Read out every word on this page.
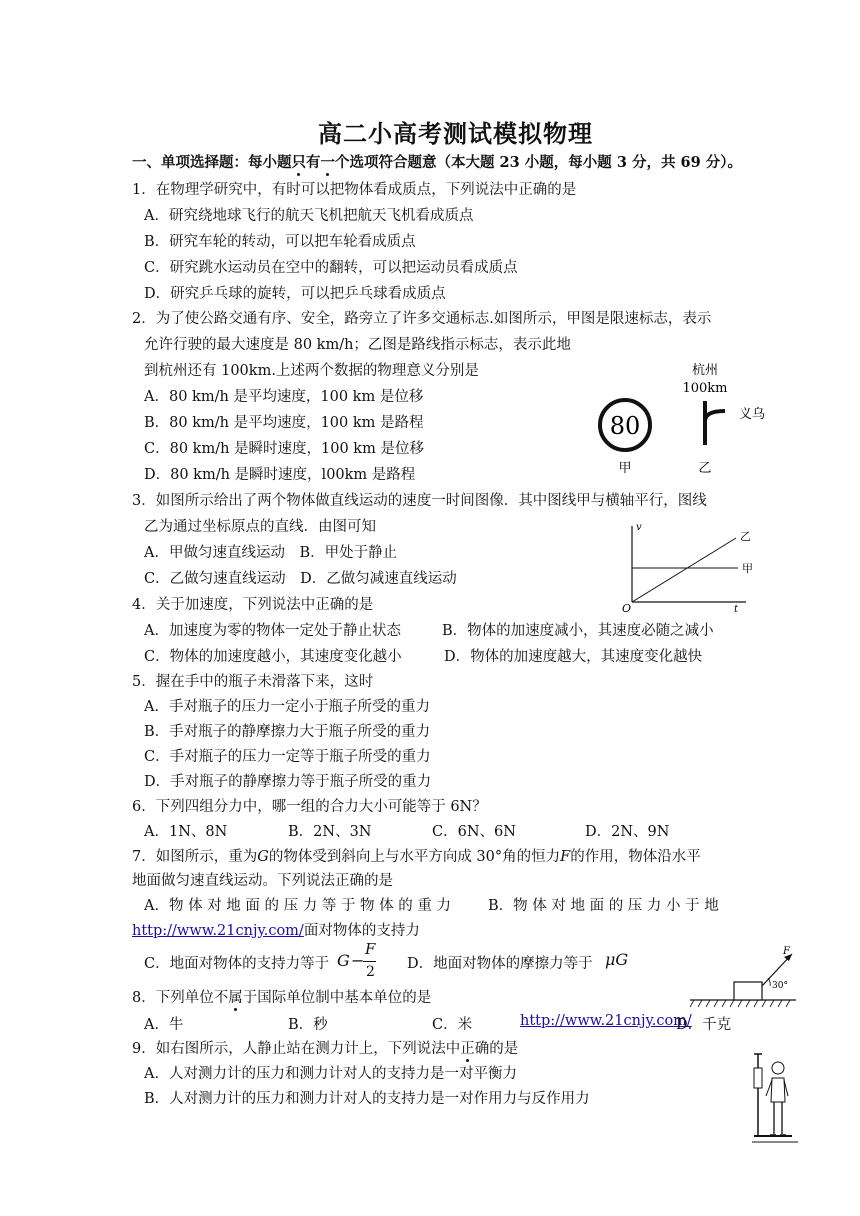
高二小高考测试模拟物理
一、单项选择题：每小题只有一个选项符合题意（本大题 23 小题，每小题 3 分，共 69 分）。
1．在物理学研究中，有时可以把物体看成质点，下列说法中正确的是
A．研究绕地球飞行的航天飞机把航天飞机看成质点
B．研究车轮的转动，可以把车轮看成质点
C．研究跳水运动员在空中的翻转，可以把运动员看成质点
D．研究乒乓球的旋转，可以把乒乓球看成质点
2．为了使公路交通有序、安全，路旁立了许多交通标志.如图所示，甲图是限速标志，表示
允许行驶的最大速度是 80 km/h；乙图是路线指示标志，表示此地
到杭州还有 100km.上述两个数据的物理意义分别是
A．80 km/h 是平均速度，100 km 是位移
B．80 km/h 是平均速度，100 km 是路程
C．80 km/h 是瞬时速度，100 km 是位移
D．80 km/h 是瞬时速度，l00km 是路程
80
甲
杭州
100km
义乌
乙
3．如图所示给出了两个物体做直线运动的速度一时间图像．其中图线甲与横轴平行，图线
乙为通过坐标原点的直线．由图可知
A．甲做匀速直线运动　B．甲处于静止
C．乙做匀速直线运动　D．乙做匀减速直线运动
v
t
O
甲
乙
4．关于加速度，下列说法中正确的是
A．加速度为零的物体一定处于静止状态	B．物体的加速度减小，其速度必随之减小
C．物体的加速度越小，其速度变化越小	D．物体的加速度越大，其速度变化越快
5．握在手中的瓶子未滑落下来，这时
A．手对瓶子的压力一定小于瓶子所受的重力
B．手对瓶子的静摩擦力大于瓶子所受的重力
C．手对瓶子的压力一定等于瓶子所受的重力
D．手对瓶子的静摩擦力等于瓶子所受的重力
6．下列四组分力中，哪一组的合力大小可能等于 6N？
A．1N、8N	B．2N、3N	C．6N、6N	D．2N、9N
7．如图所示，重为G的物体受到斜向上与水平方向成 30°角的恒力F的作用，物体沿水平
地面做匀速直线运动。下列说法正确的是
A．物 体 对 地 面 的 压 力 等 于 物 体 的 重 力	B．物 体 对 地 面 的 压 力 小 于 地
http://www.21cnjy.com/面对物体的支持力
C．地面对物体的支持力等于 G −
F
2 D．地面对物体的摩擦力等于 μG	F
30°
8．下列单位不属于国际单位制中基本单位的是
A．牛	B．秒	C．米	http://www.21cnjy.com/
D．千克
9．如右图所示，人静止站在测力计上，下列说法中正确的是
A．人对测力计的压力和测力计对人的支持力是一对平衡力
B．人对测力计的压力和测力计对人的支持力是一对作用力与反作用力
